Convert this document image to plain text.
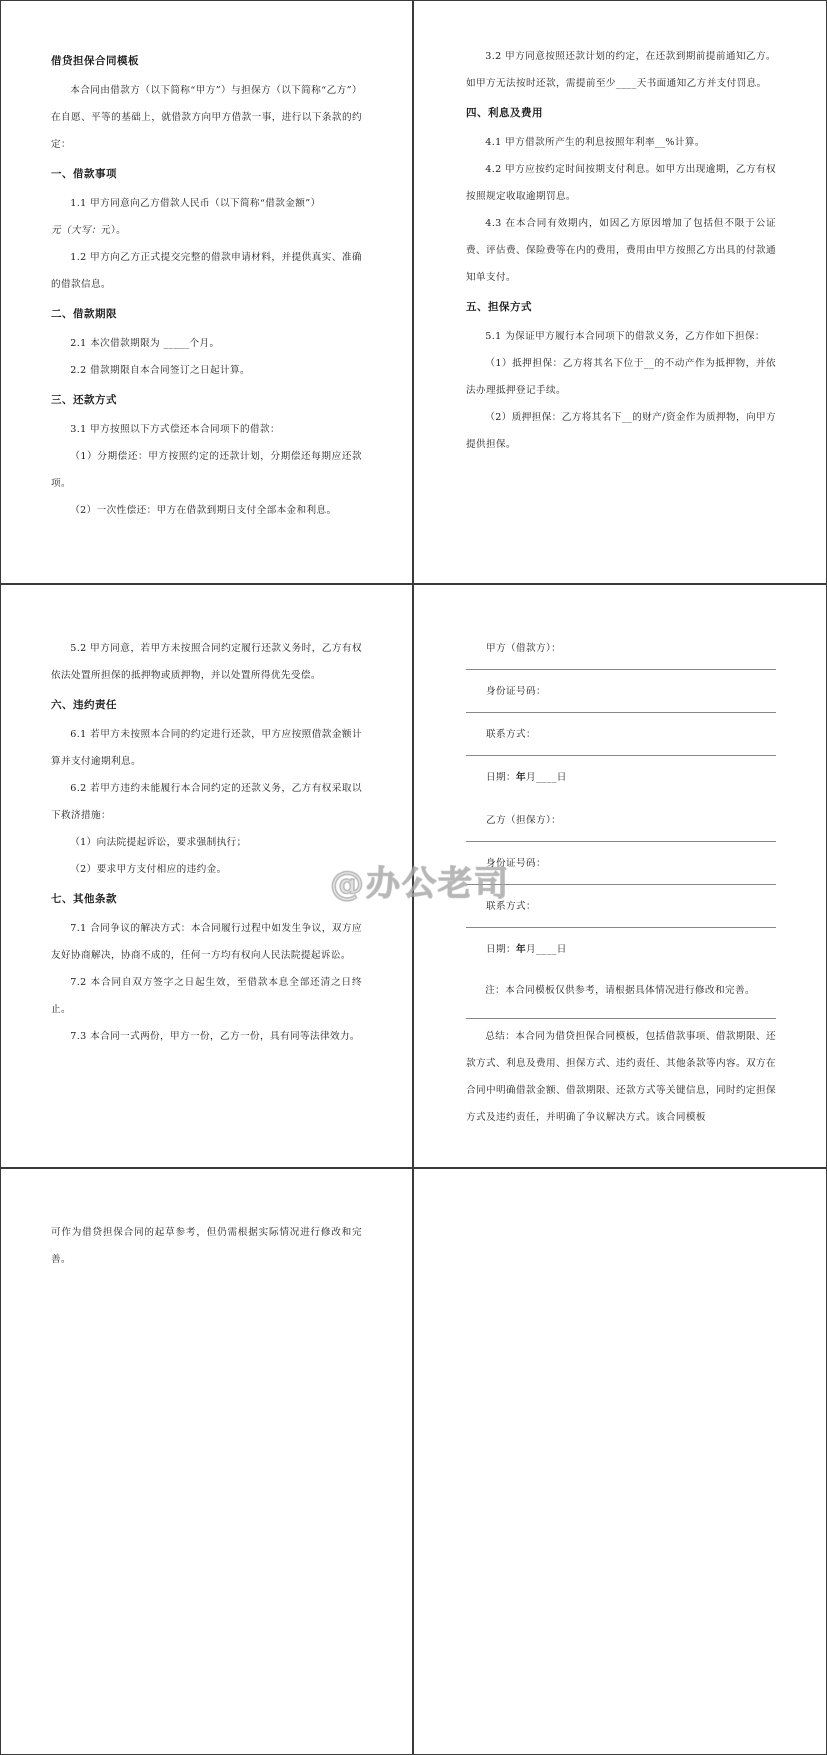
借贷担保合同模板

本合同由借款方（以下简称“甲方”）与担保方（以下简称“乙方”）在自愿、平等的基础上，就借款方向甲方借款一事，进行以下条款的约定：

一、借款事项

1.1 甲方同意向乙方借款人民币（以下简称“借款金额”）
元（大写：元）。

1.2 甲方向乙方正式提交完整的借款申请材料，并提供真实、准确的借款信息。

二、借款期限

2.1 本次借款期限为 _____个月。

2.2 借款期限自本合同签订之日起计算。

三、还款方式

3.1 甲方按照以下方式偿还本合同项下的借款：

（1）分期偿还：甲方按照约定的还款计划，分期偿还每期应还款项。

（2）一次性偿还：甲方在借款到期日支付全部本金和利息。

3.2 甲方同意按照还款计划的约定，在还款到期前提前通知乙方。如甲方无法按时还款，需提前至少____天书面通知乙方并支付罚息。

四、利息及费用

4.1 甲方借款所产生的利息按照年利率__%计算。

4.2 甲方应按约定时间按期支付利息。如甲方出现逾期，乙方有权按照规定收取逾期罚息。

4.3 在本合同有效期内，如因乙方原因增加了包括但不限于公证费、评估费、保险费等在内的费用，费用由甲方按照乙方出具的付款通知单支付。

五、担保方式

5.1 为保证甲方履行本合同项下的借款义务，乙方作如下担保：

（1）抵押担保：乙方将其名下位于__的不动产作为抵押物，并依法办理抵押登记手续。

（2）质押担保：乙方将其名下__的财产/资金作为质押物，向甲方提供担保。

5.2 甲方同意，若甲方未按照合同约定履行还款义务时，乙方有权依法处置所担保的抵押物或质押物，并以处置所得优先受偿。

六、违约责任

6.1 若甲方未按照本合同的约定进行还款，甲方应按照借款金额计算并支付逾期利息。

6.2 若甲方违约未能履行本合同约定的还款义务，乙方有权采取以下救济措施：

（1）向法院提起诉讼，要求强制执行；

（2）要求甲方支付相应的违约金。

七、其他条款

7.1 合同争议的解决方式：本合同履行过程中如发生争议，双方应友好协商解决，协商不成的，任何一方均有权向人民法院提起诉讼。

7.2 本合同自双方签字之日起生效，至借款本息全部还清之日终止。

7.3 本合同一式两份，甲方一份，乙方一份，具有同等法律效力。

甲方（借款方）：
身份证号码：
联系方式：
日期：年月____日
乙方（担保方）：
身份证号码：
联系方式：
日期：年月____日

注：本合同模板仅供参考，请根据具体情况进行修改和完善。

总结：本合同为借贷担保合同模板，包括借款事项、借款期限、还款方式、利息及费用、担保方式、违约责任、其他条款等内容。双方在合同中明确借款金额、借款期限、还款方式等关键信息，同时约定担保方式及违约责任，并明确了争议解决方式。该合同模板

可作为借贷担保合同的起草参考，但仍需根据实际情况进行修改和完善。

@办公老司
